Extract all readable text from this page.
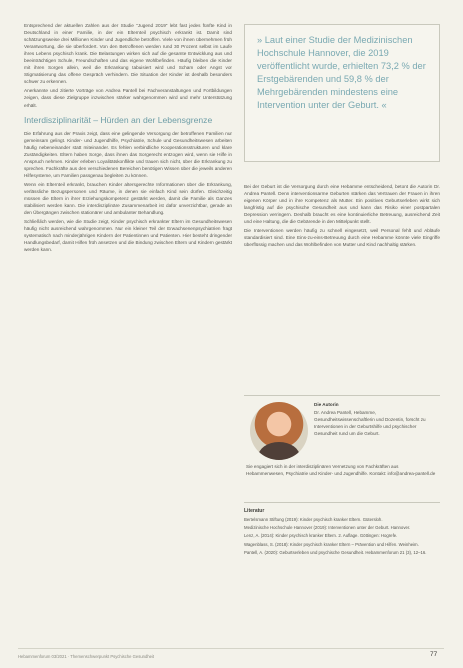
Entsprechend der aktuellen Zahlen aus der Studie "Jugend 2019" lebt fast jedes fünfte Kind in Deutschland in einer Familie, in der ein Elternteil psychisch erkrankt ist. Damit sind schätzungsweise drei Millionen Kinder und Jugendliche betroffen. Viele von ihnen übernehmen früh Verantwortung, die sie überfordert. Von den Betroffenen werden rund 30 Prozent selbst im Laufe ihres Lebens psychisch krank. Die Belastungen wirken sich auf die gesamte Entwicklung aus und beeinträchtigen Schule, Freundschaften und das eigene Wohlbefinden. Häufig bleiben die Kinder mit ihren Sorgen allein, weil die Erkrankung tabuisiert wird und Scham oder Angst vor Stigmatisierung das offene Gespräch verhindern. Die Situation der Kinder ist deshalb besonders schwer zu erkennen.

Anerkannte und zitierte Vorträge von Andrea Pantell bei Fachveranstaltungen und Fortbildungen zeigen, dass diese Zielgruppe inzwischen stärker wahrgenommen wird und mehr Unterstützung erhält.

Interdisziplinarität – Hürden an der Lebensgrenze

Die Erfahrung aus der Praxis zeigt, dass eine gelingende Versorgung der betroffenen Familien nur gemeinsam gelingt. Kinder- und Jugendhilfe, Psychiatrie, Schule und Gesundheitswesen arbeiten häufig nebeneinander statt miteinander. Es fehlen verbindliche Kooperationsstrukturen und klare Zuständigkeiten. Eltern haben Sorge, dass ihnen das Sorgerecht entzogen wird, wenn sie Hilfe in Anspruch nehmen. Kinder erleben Loyalitätskonflikte und trauen sich nicht, über die Erkrankung zu sprechen. Fachkräfte aus den verschiedenen Bereichen benötigen Wissen über die jeweils anderen Hilfesysteme, um Familien passgenau begleiten zu können.

Wenn ein Elternteil erkrankt, brauchen Kinder altersgerechte Informationen über die Erkrankung, verlässliche Bezugspersonen und Räume, in denen sie einfach Kind sein dürfen. Gleichzeitig müssen die Eltern in ihrer Erziehungskompetenz gestärkt werden, damit die Familie als Ganzes stabilisiert werden kann. Die interdisziplinäre Zusammenarbeit ist dafür unverzichtbar, gerade an den Übergängen zwischen stationärer und ambulanter Behandlung.

Schließlich werden, wie die Studie zeigt, Kinder psychisch erkrankter Eltern im Gesundheitswesen häufig nicht ausreichend wahrgenommen. Nur ein kleiner Teil der Erwachsenenpsychiatrien fragt systematisch nach minderjährigen Kindern der Patientinnen und Patienten. Hier besteht dringender Handlungsbedarf, damit Hilfen früh ansetzen und die Bindung zwischen Eltern und Kindern gestärkt werden kann.

» Laut einer Studie der Medizinischen Hochschule Hannover, die 2019 veröffentlicht wurde, erhielten 73,2 % der Erstgebärenden und 59,8 % der Mehrgebärenden mindestens eine Intervention unter der Geburt. «

Bei der Geburt ist die Versorgung durch eine Hebamme entscheidend, betont die Autorin Dr. Andrea Pantell. Denn interventionsarme Geburten stärken das Vertrauen der Frauen in ihren eigenen Körper und in ihre Kompetenz als Mutter. Ein positives Geburtserleben wirkt sich langfristig auf die psychische Gesundheit aus und kann das Risiko einer postpartalen Depression verringern. Deshalb braucht es eine kontinuierliche Betreuung, ausreichend Zeit und eine Haltung, die die Gebärende in den Mittelpunkt stellt.

Die Interventionen werden häufig zu schnell eingesetzt, weil Personal fehlt und Abläufe standardisiert sind. Eine Eins-zu-eins-Betreuung durch eine Hebamme könnte viele Eingriffe überflüssig machen und das Wohlbefinden von Mutter und Kind nachhaltig stärken.

Die Autorin

Dr. Andrea Pantell, Hebamme, Gesundheitswissenschaftlerin und Dozentin, forscht zu Interventionen in der Geburtshilfe und psychischer Gesundheit rund um die Geburt.

Sie engagiert sich in der interdisziplinären Vernetzung von Fachkräften aus Hebammenwesen, Psychiatrie und Kinder- und Jugendhilfe. Kontakt: info@andrea-pantell.de

Literatur

Bertelsmann Stiftung (2019): Kinder psychisch kranker Eltern. Gütersloh.

Medizinische Hochschule Hannover (2019): Interventionen unter der Geburt. Hannover.

Lenz, A. (2014): Kinder psychisch kranker Eltern. 2. Auflage. Göttingen: Hogrefe.

Wagenblass, S. (2018): Kinder psychisch kranker Eltern – Prävention und Hilfen. Weinheim.

Pantell, A. (2020): Geburtserleben und psychische Gesundheit. Hebammenforum 21 (3), 12–16.

Hebammenforum 03/2021 · Themenschwerpunkt Psychische Gesundheit	77
